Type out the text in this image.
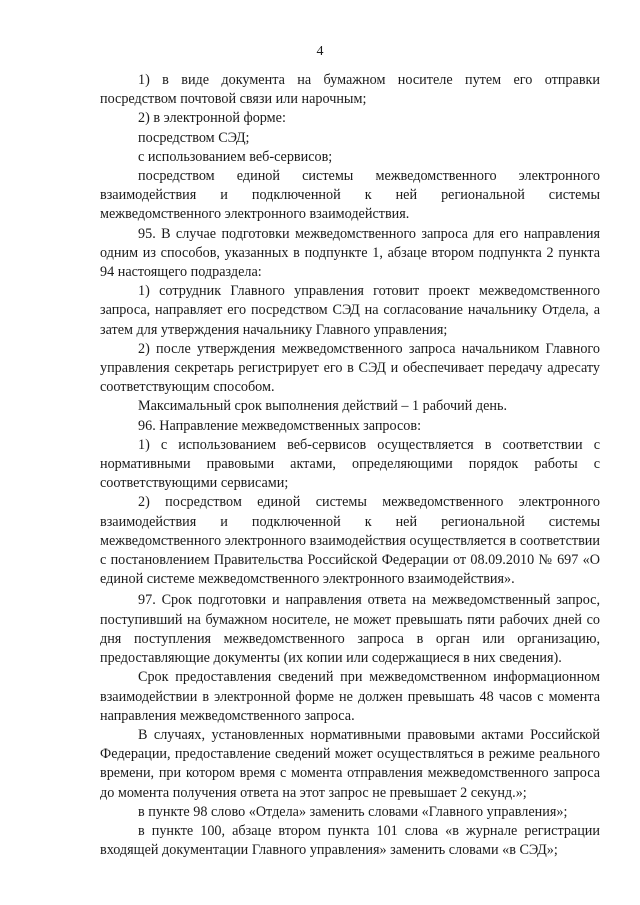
4

1) в виде документа на бумажном носителе путем его отправки посредством почтовой связи или нарочным;

2) в электронной форме:

посредством СЭД;

с использованием веб-сервисов;

посредством единой системы межведомственного электронного взаимодействия и подключенной к ней региональной системы межведомственного электронного взаимодействия.

95. В случае подготовки межведомственного запроса для его направления одним из способов, указанных в подпункте 1, абзаце втором подпункта 2 пункта 94 настоящего подраздела:

1) сотрудник Главного управления готовит проект межведомственного запроса, направляет его посредством СЭД на согласование начальнику Отдела, а затем для утверждения начальнику Главного управления;

2) после утверждения межведомственного запроса начальником Главного управления секретарь регистрирует его в СЭД и обеспечивает передачу адресату соответствующим способом.

Максимальный срок выполнения действий – 1 рабочий день.

96. Направление межведомственных запросов:

1) с использованием веб-сервисов осуществляется в соответствии с нормативными правовыми актами, определяющими порядок работы с соответствующими сервисами;

2) посредством единой системы межведомственного электронного взаимодействия и подключенной к ней региональной системы межведомственного электронного взаимодействия осуществляется в соответствии с постановлением Правительства Российской Федерации от 08.09.2010 № 697 «О единой системе межведомственного электронного взаимодействия».

97. Срок подготовки и направления ответа на межведомственный запрос, поступивший на бумажном носителе, не может превышать пяти рабочих дней со дня поступления межведомственного запроса в орган или организацию, предоставляющие документы (их копии или содержащиеся в них сведения).

Срок предоставления сведений при межведомственном информационном взаимодействии в электронной форме не должен превышать 48 часов с момента направления межведомственного запроса.

В случаях, установленных нормативными правовыми актами Российской Федерации, предоставление сведений может осуществляться в режиме реального времени, при котором время с момента отправления межведомственного запроса до момента получения ответа на этот запрос не превышает 2 секунд.»;

в пункте 98 слово «Отдела» заменить словами «Главного управления»;

в пункте 100, абзаце втором пункта 101 слова «в журнале регистрации входящей документации Главного управления» заменить словами «в СЭД»;
